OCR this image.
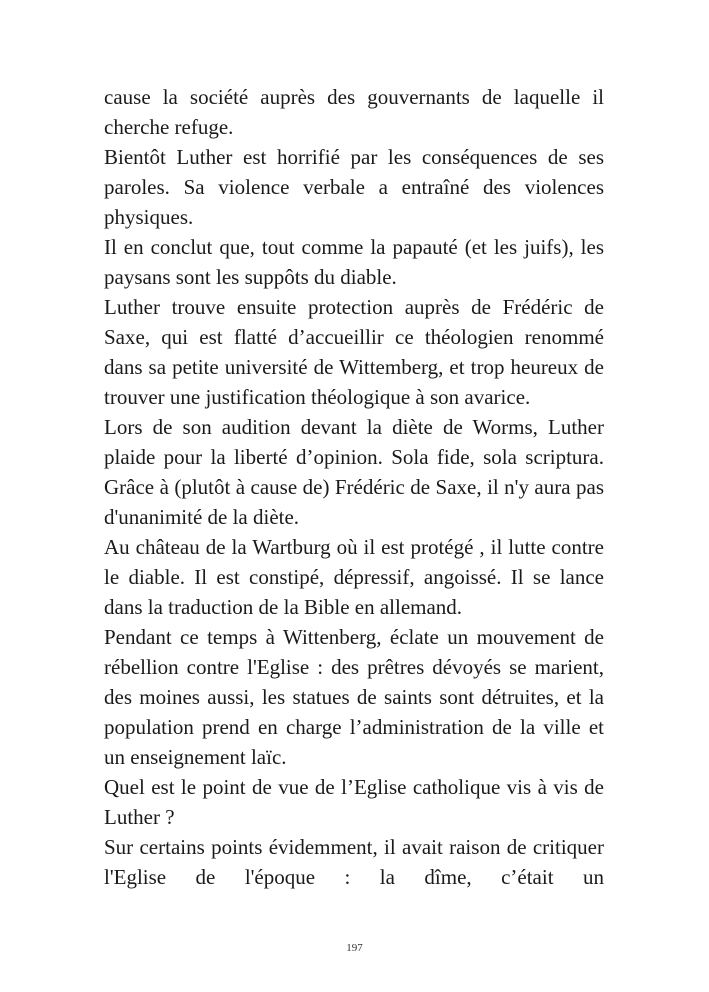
cause la société auprès des gouvernants de laquelle il cherche refuge.

Bientôt Luther est horrifié par les conséquences de ses paroles. Sa violence verbale a entraîné des violences physiques.

Il en conclut que, tout comme la papauté (et les juifs), les paysans sont les suppôts du diable.

Luther trouve ensuite protection auprès de Frédéric de Saxe, qui est flatté d’accueillir ce théologien renommé dans sa petite université de Wittemberg, et trop heureux de trouver une justification théologique à son avarice.

Lors de son audition devant la diète de Worms, Luther plaide pour la liberté d’opinion. Sola fide, sola scriptura. Grâce à (plutôt à cause de) Frédéric de Saxe, il n'y aura pas d'unanimité de la diète.

Au château de la Wartburg où il est protégé , il lutte contre le diable. Il est constipé, dépressif, angoissé. Il se lance dans la traduction de la Bible en allemand.

Pendant ce temps à Wittenberg, éclate un mouvement de rébellion contre l'Eglise : des prêtres dévoyés se marient, des moines aussi, les statues de saints sont détruites, et la population prend en charge l’administration de la ville et un enseignement laïc.

Quel est le point de vue de l’Eglise catholique vis à vis de Luther ?

Sur certains points évidemment, il avait raison de critiquer l'Eglise de l'époque : la dîme, c’était un

197
